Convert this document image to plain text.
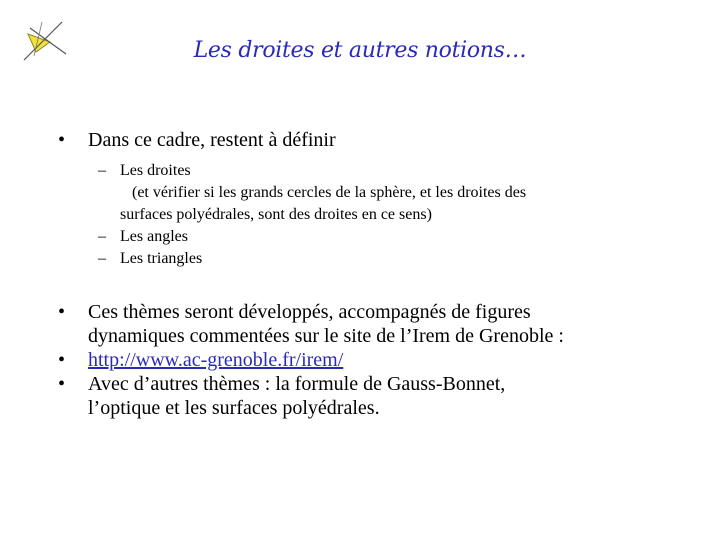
Les droites et autres notions…
• Dans ce cadre, restent à définir
– Les droites
(et vérifier si les grands cercles de la sphère, et les droites des
surfaces polyédrales, sont des droites en ce sens)
– Les angles
– Les triangles
• Ces thèmes seront développés, accompagnés de figures
dynamiques commentées sur le site de l’Irem de Grenoble :
• http://www.ac-grenoble.fr/irem/
• Avec d’autres thèmes : la formule de Gauss-Bonnet,
l’optique et les surfaces polyédrales.
